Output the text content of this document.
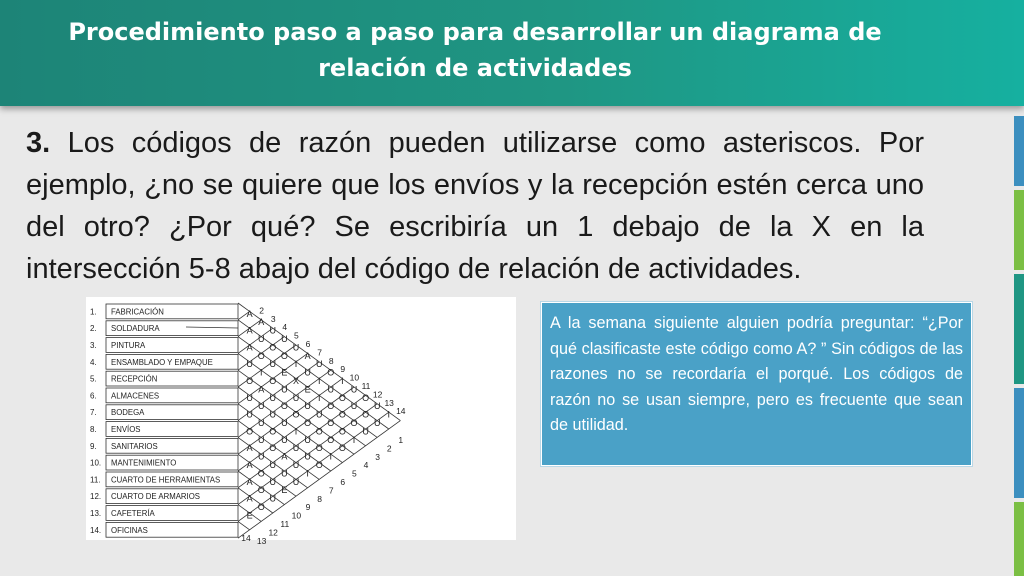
Procedimiento paso a paso para desarrollar un diagrama de relación de actividades
3. Los códigos de razón pueden utilizarse como asteriscos. Por ejemplo, ¿no se quiere que los envíos y la recepción estén cerca uno del otro? ¿Por qué? Se escribiría un 1 debajo de la X en la intersección 5-8 abajo del código de relación de actividades.
1. FABRICACIÓN
2. SOLDADURA
3. PINTURA
4. ENSAMBLADO Y EMPAQUE
5. RECEPCIÓN
6. ALMACENES
7. BODEGA
8. ENVÍOS
9. SANITARIOS
10. MANTENIMIENTO
11. CUARTO DE HERRAMIENTAS
12. CUARTO DE ARMARIOS
13. CAFETERÍA
14. OFICINAS
A
A
A
U
O
U
U
O
A
A
A
A
E
A
U
O
I
A
U
U
U
U
O
O
O
U
O
U
O
U
U
O
O
U
U
U
U
O
E
U
O
U
U
A
U
E
U
I
X
U
O
I
U
U
U
A
U
E
U
O
U
U
I
U
I
I
U
O
O
O
O
U
O
O
O
I
I
O
O
O
O
U
U
O
I
O
O
U
U
U
I
2
1
3
2
4
3
5
4
6
5
7
6
8
7
9
8
10
9
11
10
12
11
13
12
14
13
14
A la semana siguiente alguien podría preguntar: “¿Por qué clasificaste este código como A? ” Sin códigos de las razones no se recordaría el porqué. Los códigos de razón no se usan siempre, pero es frecuente que sean de utilidad.
